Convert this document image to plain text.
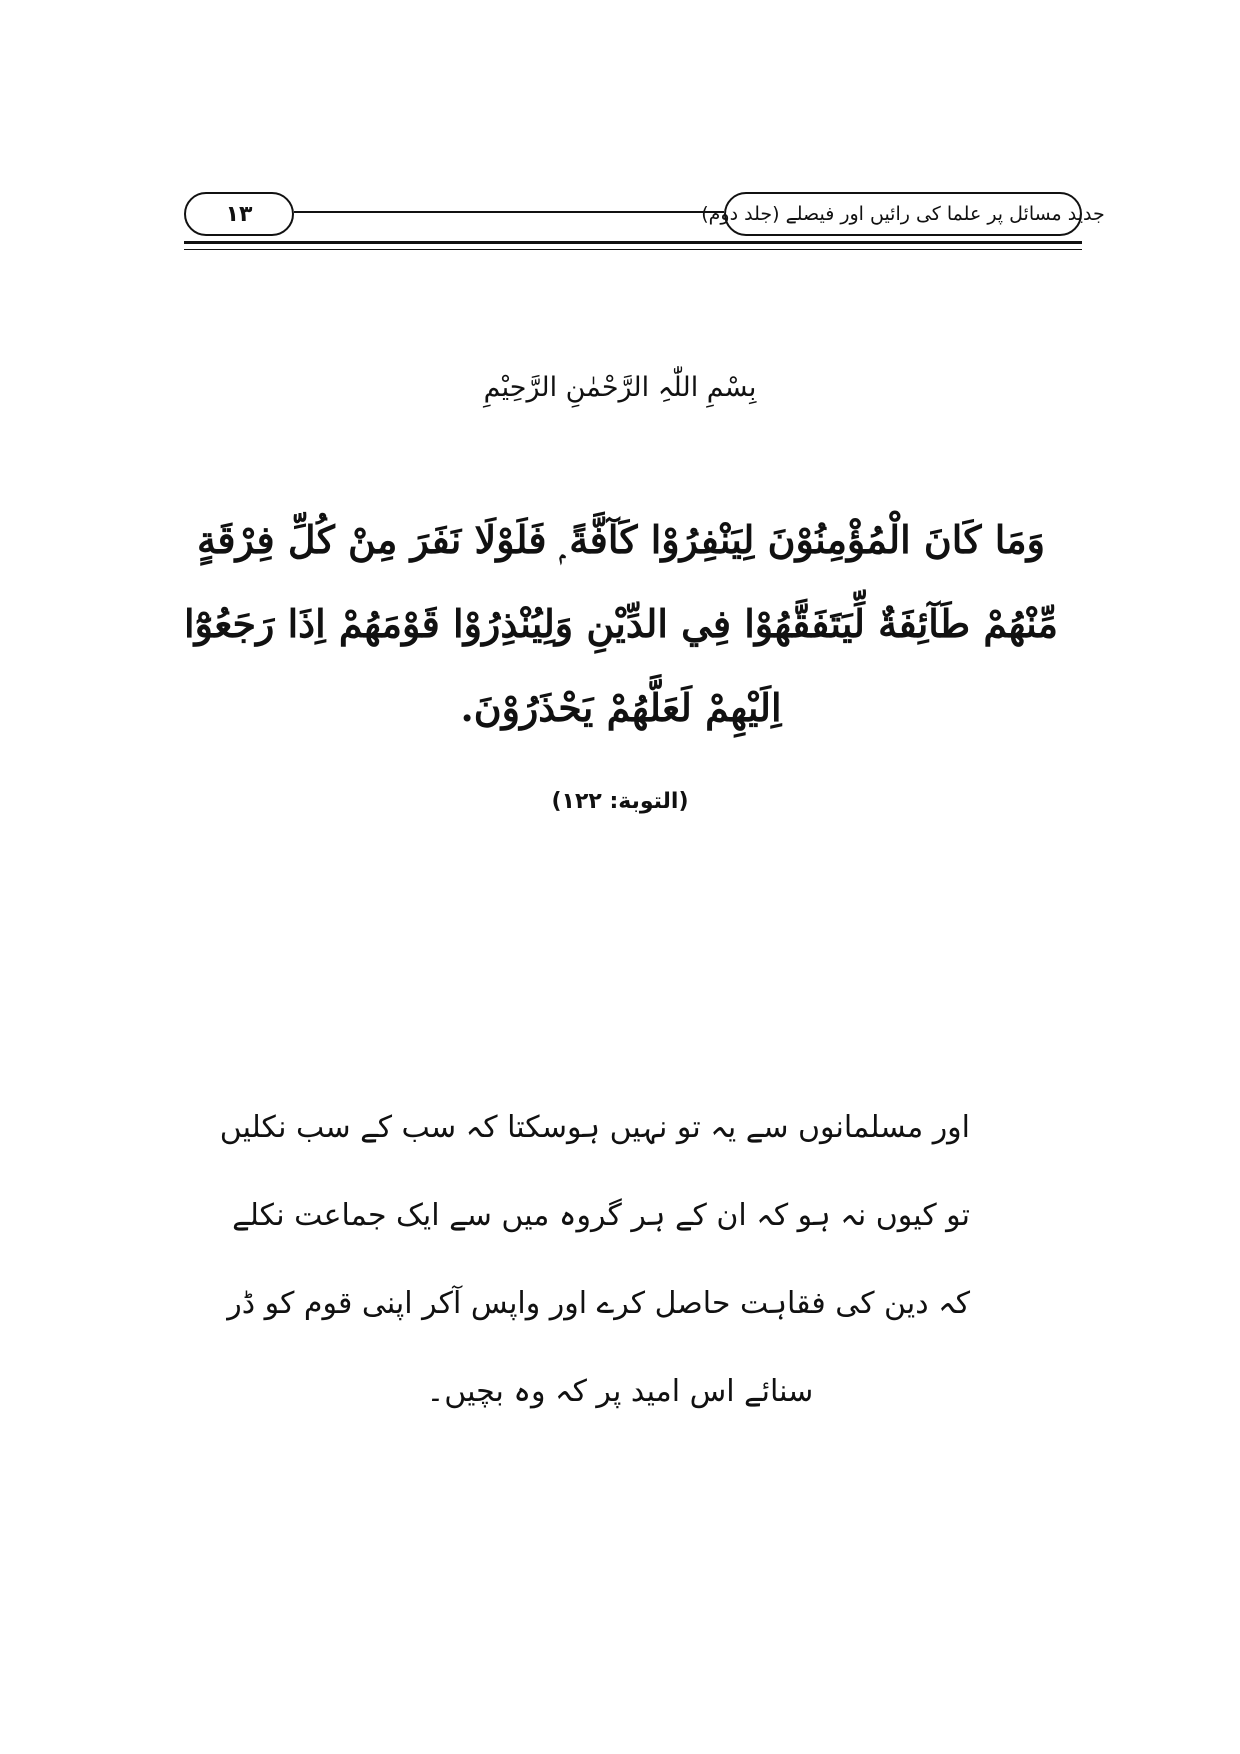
۱۳	جدید مسائل پر علما کی رائیں اور فیصلے (جلد دوم)
بِسْمِ اللّٰہِ الرَّحْمٰنِ الرَّحِیْمِ
وَمَا كَانَ الْمُؤْمِنُوْنَ لِيَنْفِرُوْا كَآفَّةً ۭ فَلَوْلَا نَفَرَ مِنْ كُلِّ فِرْقَةٍ
مِّنْهُمْ طَآئِفَةٌ لِّيَتَفَقَّهُوْا فِي الدِّيْنِ وَلِيُنْذِرُوْا قَوْمَهُمْ اِذَا رَجَعُوْٓا
اِلَيْهِمْ لَعَلَّهُمْ يَحْذَرُوْنَ.
(التوبة: ۱۲۲)
اور مسلمانوں سے یہ تو نہیں ہوسکتا کہ سب کے سب نکلیں
تو کیوں نہ ہو کہ ان کے ہر گروہ میں سے ایک جماعت نکلے
کہ دین کی فقاہت حاصل کرے اور واپس آکر اپنی قوم کو ڈر
سنائے اس امید پر کہ وہ بچیں۔
